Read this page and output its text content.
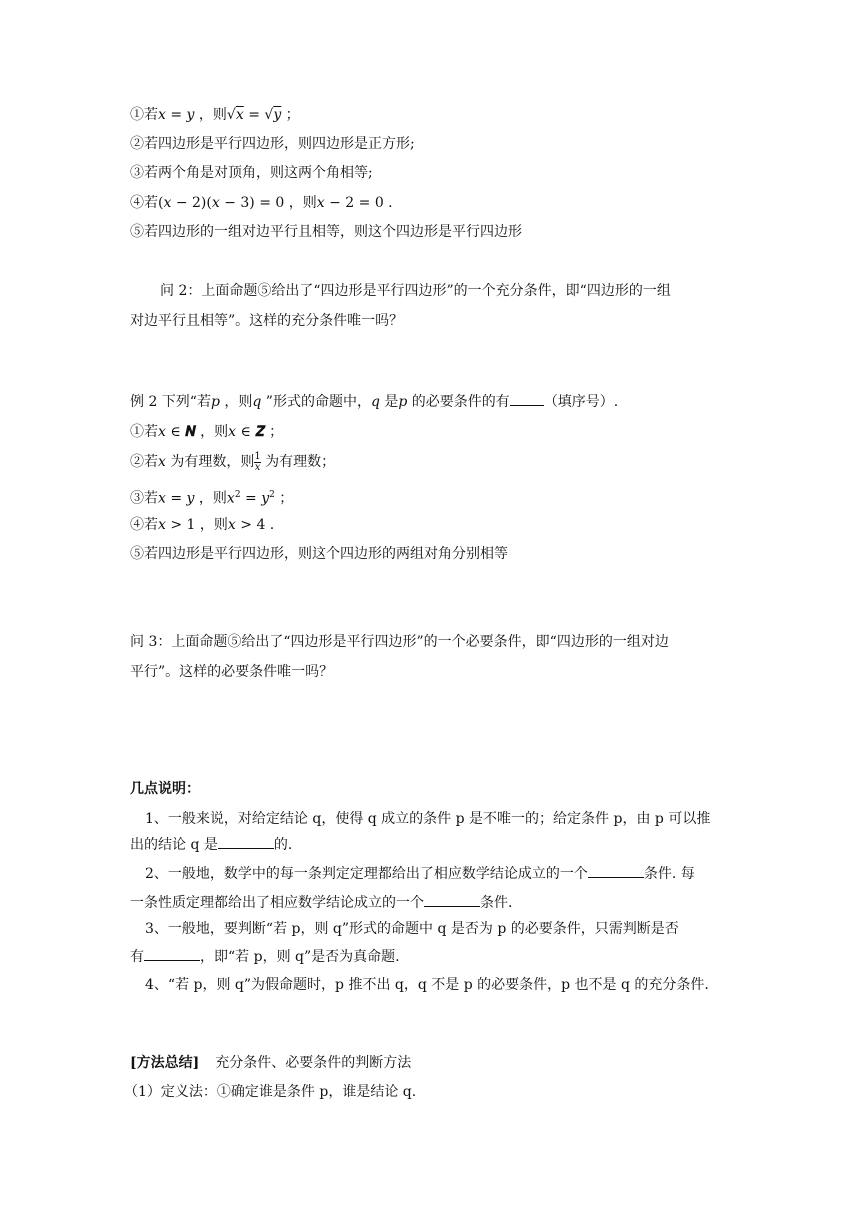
①若x = y ，则√x = √y ；
②若四边形是平行四边形，则四边形是正方形;
③若两个角是对顶角，则这两个角相等;
④若(x − 2)(x − 3) = 0 ，则x − 2 = 0 .
⑤若四边形的一组对边平行且相等，则这个四边形是平行四边形
问 2：上面命题⑤给出了“四边形是平行四边形”的一个充分条件，即“四边形的一组
对边平行且相等”。这样的充分条件唯一吗？
例 2 下列“若p ，则q ”形式的命题中，q 是p 的必要条件的有 （填序号）.
①若x ∈ 𝑵 ，则x ∈ 𝒁 ；
②若x 为有理数，则 $\frac{1}{x}$ 为有理数；
③若x = y ，则$x^2 = y^2$ ；
④若x > 1 ，则x > 4 .
⑤若四边形是平行四边形，则这个四边形的两组对角分别相等
问 3：上面命题⑤给出了“四边形是平行四边形”的一个必要条件，即“四边形的一组对边
平行”。这样的必要条件唯一吗？
几点说明：
1、一般来说，对给定结论 q，使得 q 成立的条件 p 是不唯一的；给定条件 p，由 p 可以推
出的结论 q 是	的.
2、一般地，数学中的每一条判定定理都给出了相应数学结论成立的一个	条件. 每
一条性质定理都给出了相应数学结论成立的一个	条件.
3、一般地，要判断“若 p，则 q”形式的命题中 q 是否为 p 的必要条件，只需判断是否
有	，即“若 p，则 q”是否为真命题.
4、“若 p，则 q”为假命题时，p 推不出 q，q 不是 p 的必要条件，p 也不是 q 的充分条件.
[方法总结] 充分条件、必要条件的判断方法
（1）定义法：①确定谁是条件 p，谁是结论 q.
